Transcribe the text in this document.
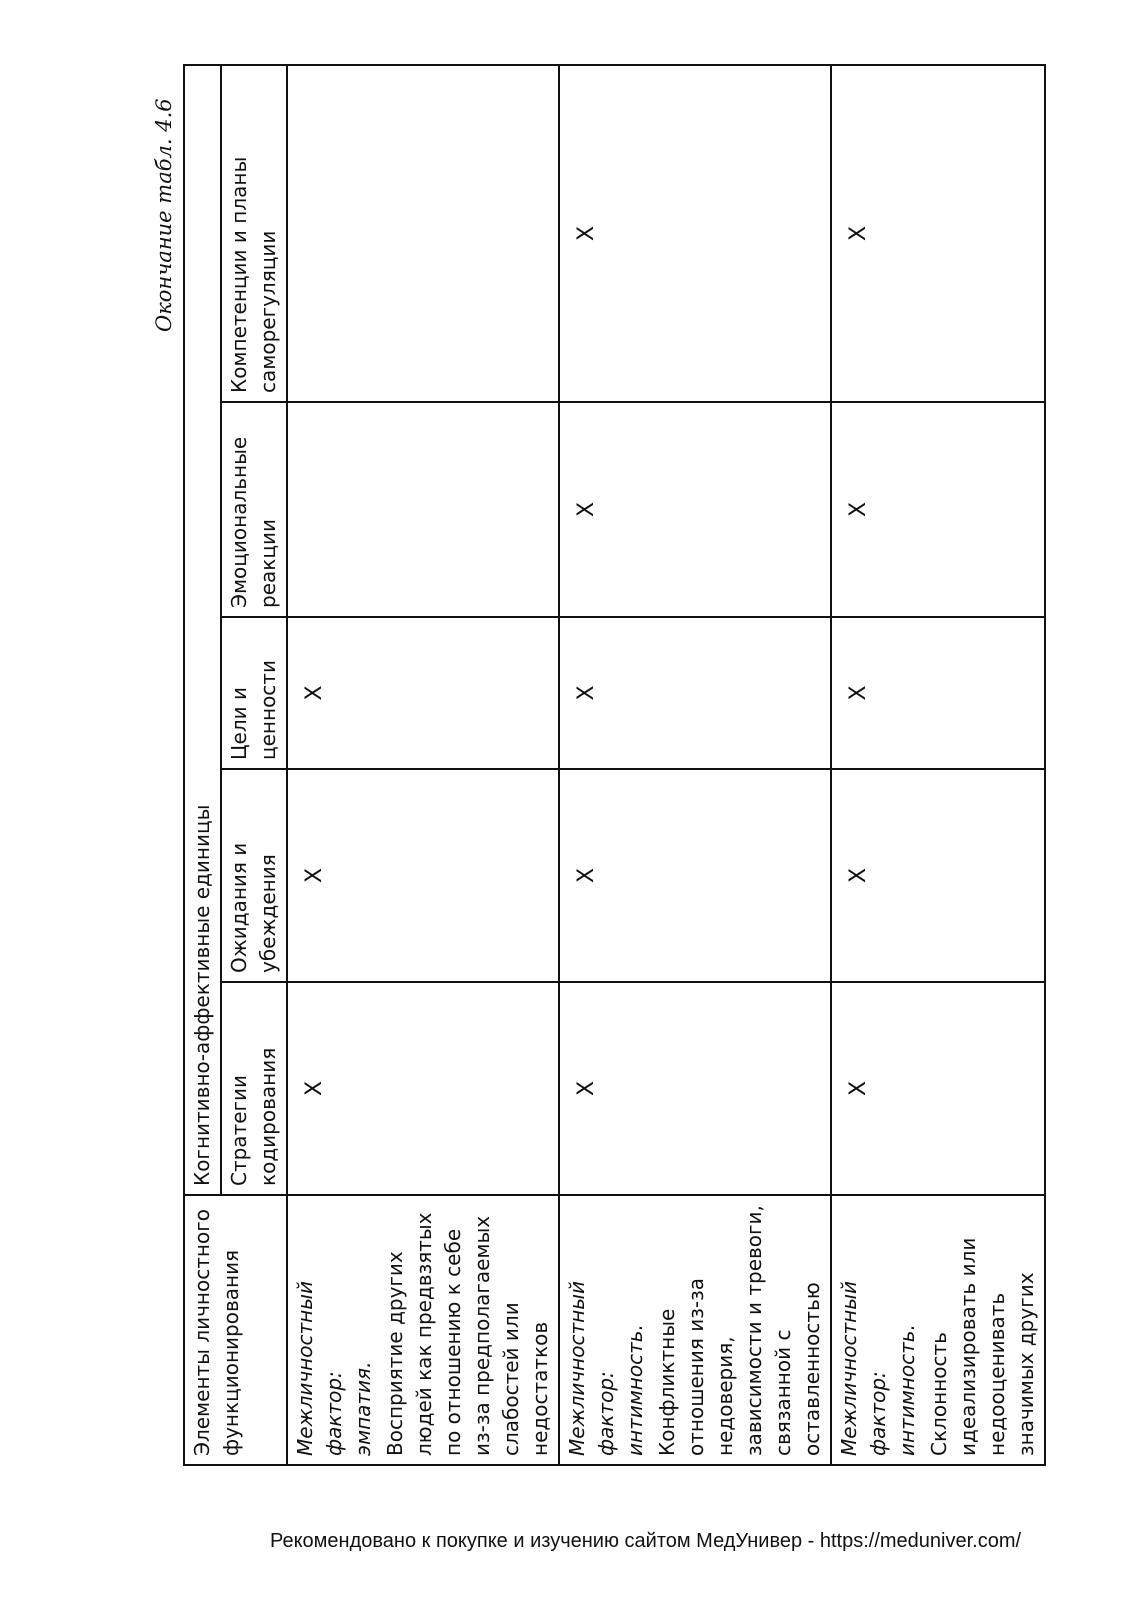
Окончание табл. 4.6
Элементы личностного функционирования	Когнитивно-аффективные единицы				
	Стратегии кодирования	Ожидания и убеждения	Цели и ценности	Эмоциональные реакции	Компетенции и планы саморегуляции

Межличностный фактор: эмпатия. Восприятие других людей как предвзятых по отношению к себе из-за предполагаемых слабостей или недостатков	X	X	X		

Межличностный фактор: интимность. Конфликтные отношения из-за недоверия, зависимости и тревоги, связанной с оставленностью	X	X	X	X	X

Межличностный фактор: интимность. Склонность идеализировать или недооценивать значимых других	X	X	X	X	X
Рекомендовано к покупке и изучению сайтом МедУнивер - https://meduniver.com/
